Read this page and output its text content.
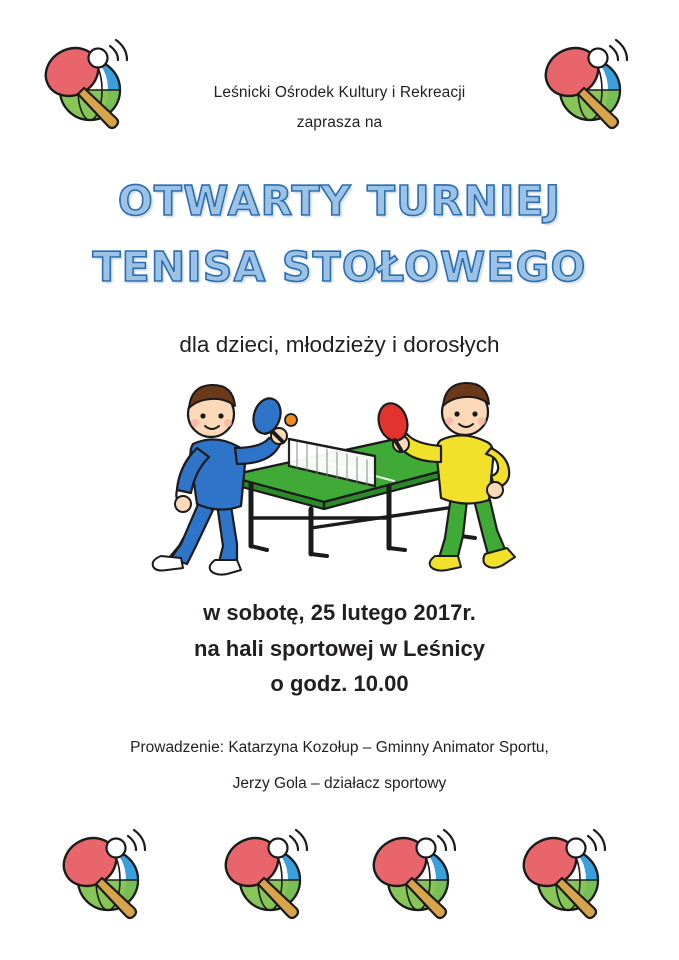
Leśnicki Ośrodek Kultury i Rekreacji
zaprasza na
OTWARTY TURNIEJ
TENISA STOŁOWEGO
dla dzieci, młodzieży i dorosłych
w sobotę, 25 lutego 2017r.
na hali sportowej w Leśnicy
o godz. 10.00
Prowadzenie: Katarzyna Kozołup – Gminny Animator Sportu,
Jerzy Gola – działacz sportowy
